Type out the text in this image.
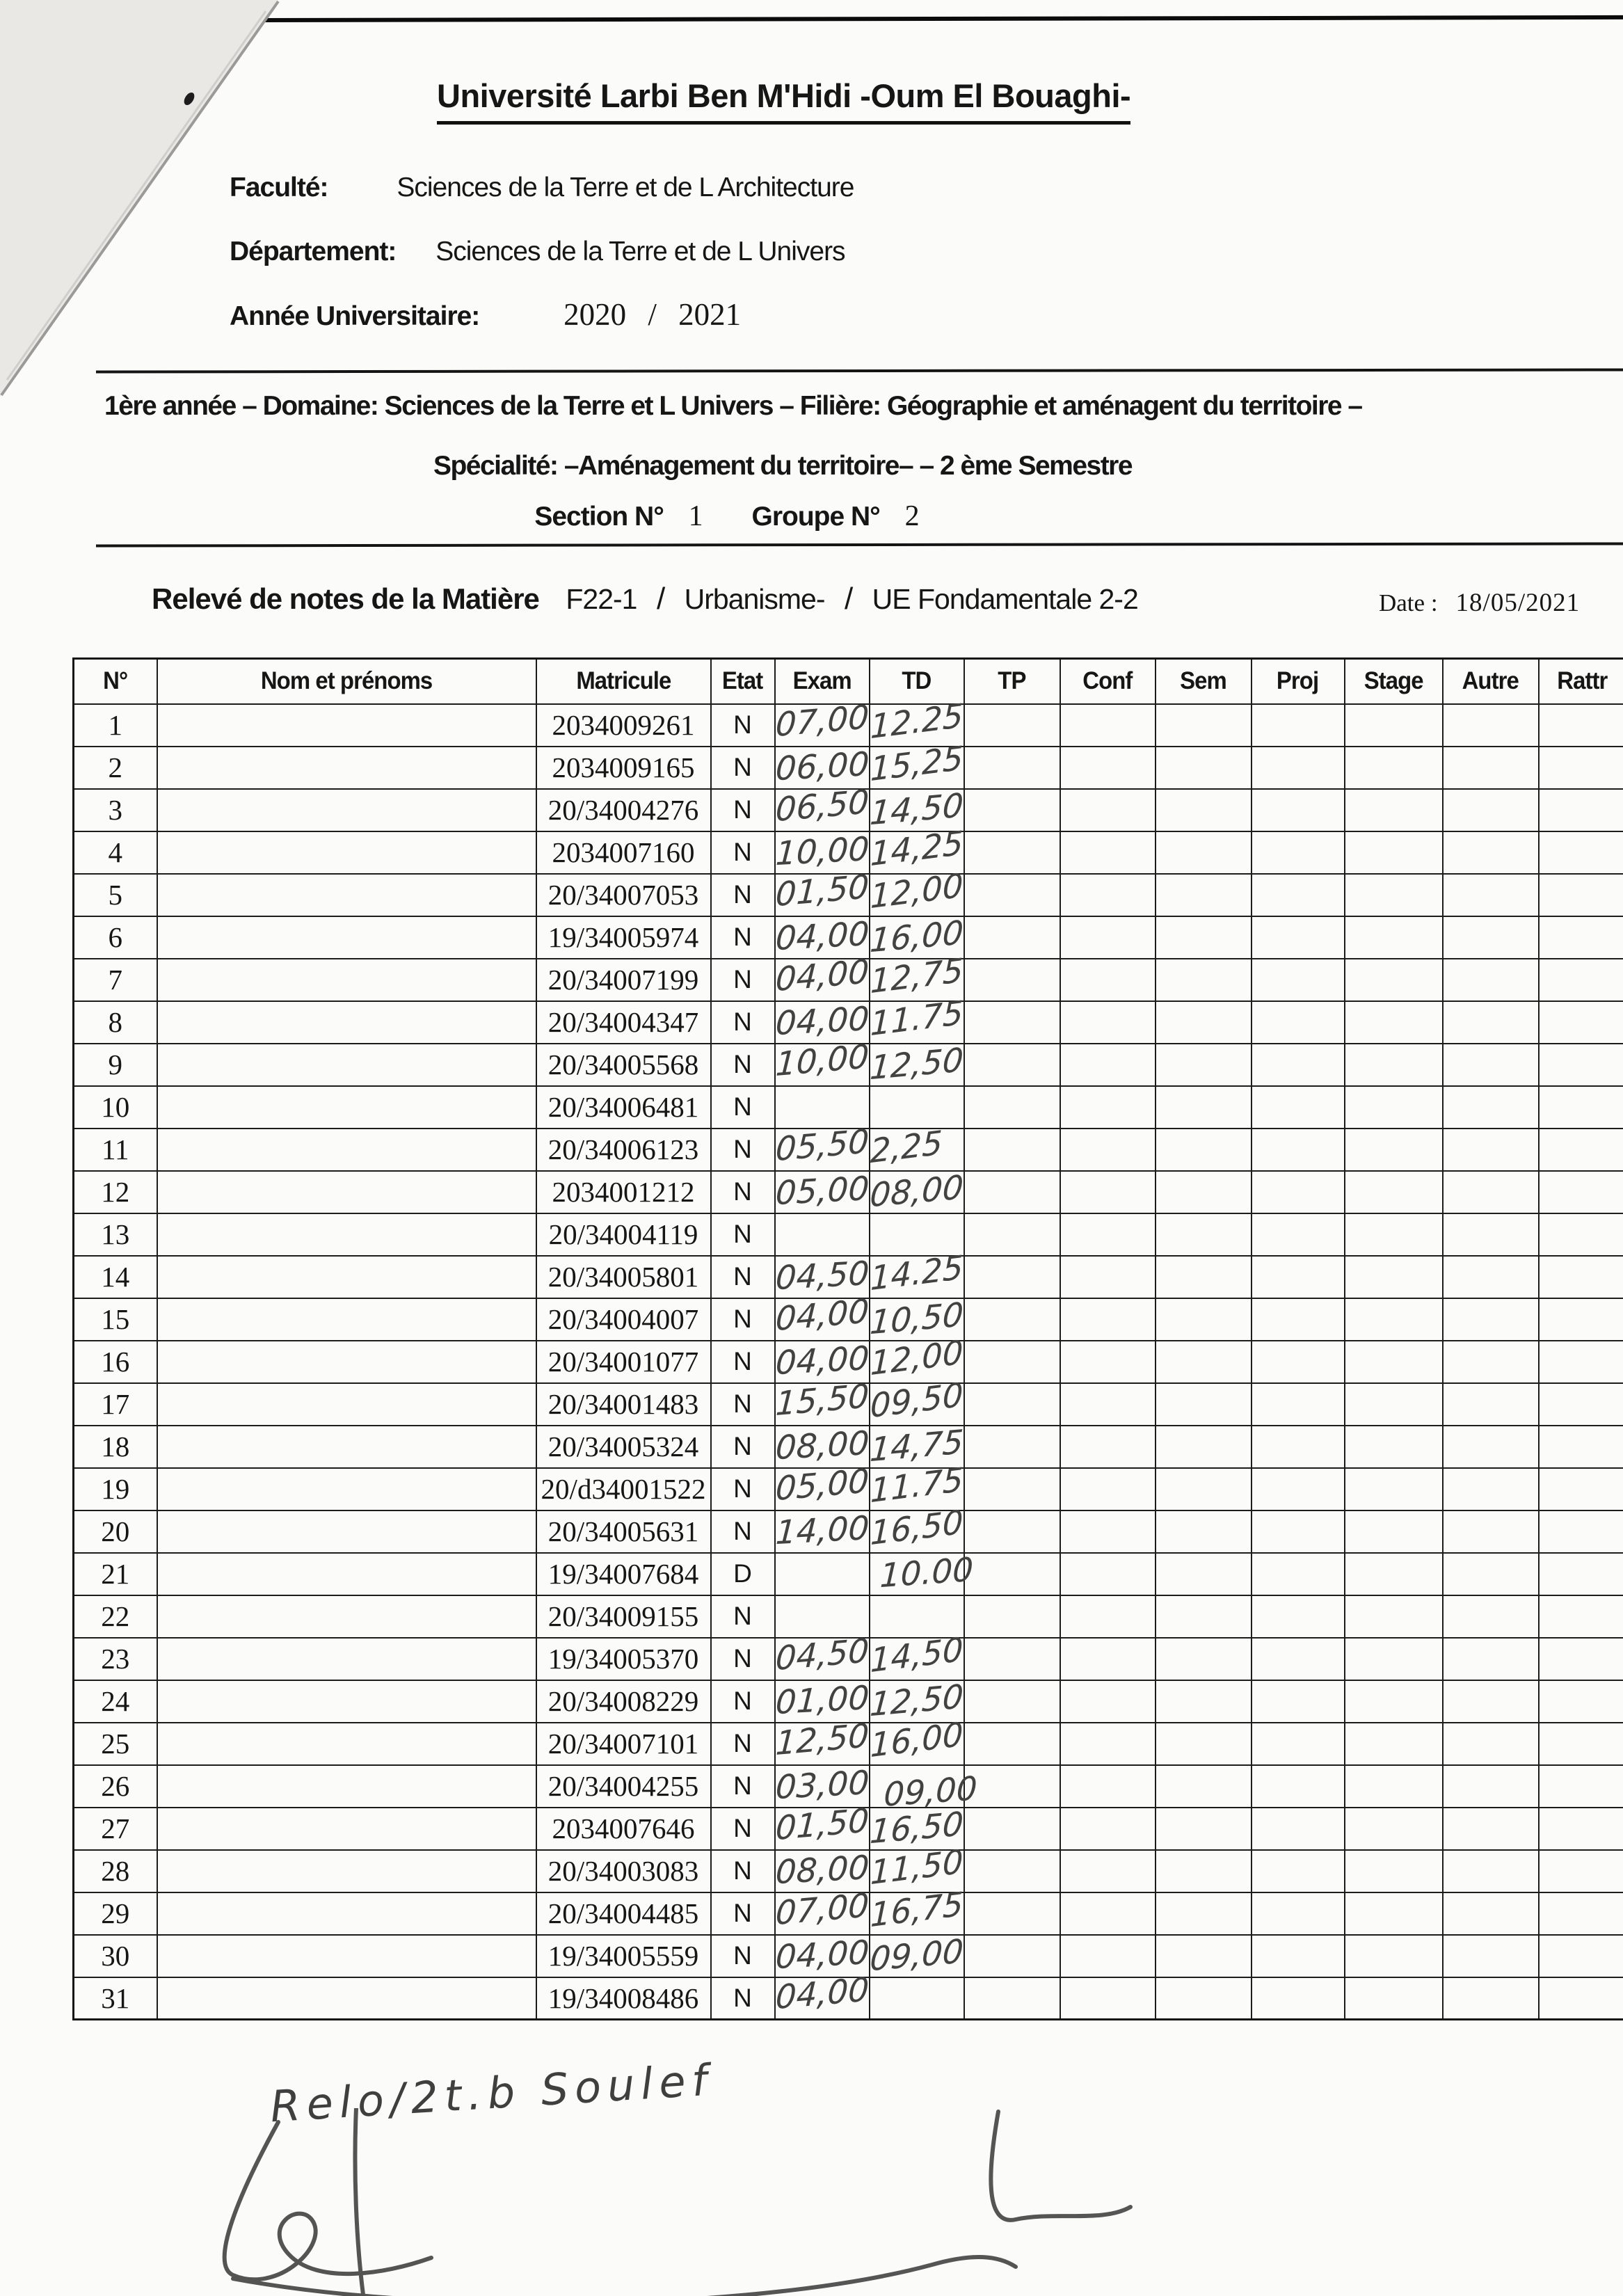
Université Larbi Ben M'Hidi -Oum El Bouaghi-
Faculté:	Sciences de la Terre et de L Architecture
Département: Sciences de la Terre et de L Univers
Année Universitaire:	2020 / 2021
1ère année – Domaine: Sciences de la Terre et L Univers – Filière: Géographie et aménagent du territoire –
Spécialité: –Aménagement du territoire– – 2 ème Semestre
Section N° 1 Groupe N° 2
Relevé de notes de la Matière F22-1 / Urbanisme- / UE Fondamentale 2-2	Date : 18/05/2021
N°	Nom et prénoms	Matricule	Etat	Exam	TD	TP	Conf	Sem	Proj	Stage	Autre	Rattr
1		2034009261	N	07,00	12.25							
2		2034009165	N	06,00	15,25							
3		20/34004276	N	06,50	14,50							
4		2034007160	N	10,00	14,25							
5		20/34007053	N	01,50	12,00							
6		19/34005974	N	04,00	16,00							
7		20/34007199	N	04,00	12,75							
8		20/34004347	N	04,00	11.75							
9		20/34005568	N	10,00	12,50							
10		20/34006481	N									
11		20/34006123	N	05,50	2,25							
12		2034001212	N	05,00	08,00							
13		20/34004119	N									
14		20/34005801	N	04,50	14.25							
15		20/34004007	N	04,00	10,50							
16		20/34001077	N	04,00	12,00							
17		20/34001483	N	15,50	09,50							
18		20/34005324	N	08,00	14,75							
19		20/d34001522	N	05,00	11.75							
20		20/34005631	N	14,00	16,50							
21		19/34007684	D		10.00							
22		20/34009155	N									
23		19/34005370	N	04,50	14,50							
24		20/34008229	N	01,00	12,50							
25		20/34007101	N	12,50	16,00							
26		20/34004255	N	03,00	09,00							
27		2034007646	N	01,50	16,50							
28		20/34003083	N	08,00	11,50							
29		20/34004485	N	07,00	16,75							
30		19/34005559	N	04,00	09,00							
31		19/34008486	N	04,00								
Relo/2t.b Soulef
